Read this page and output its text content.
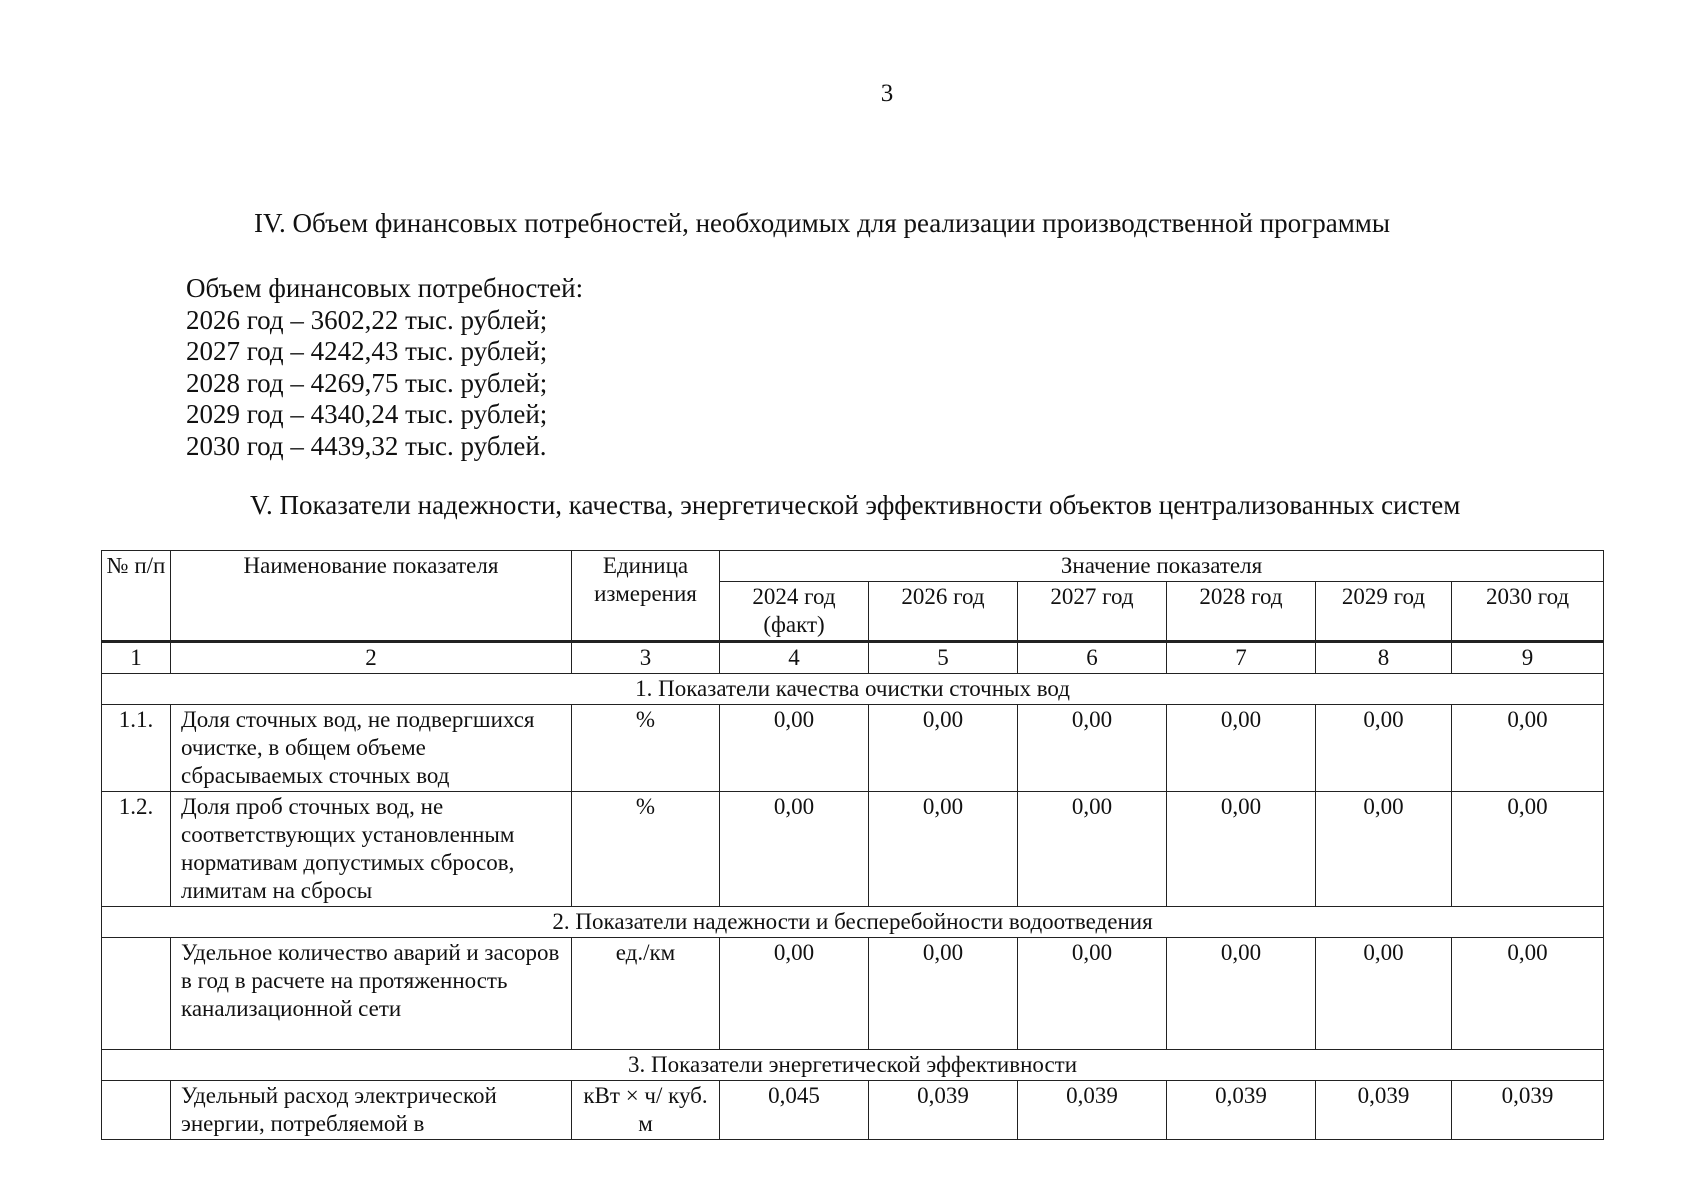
3
IV. Объем финансовых потребностей, необходимых для реализации производственной программы
Объем финансовых потребностей:
2026 год – 3602,22 тыс. рублей;
2027 год – 4242,43 тыс. рублей;
2028 год – 4269,75 тыс. рублей;
2029 год – 4340,24 тыс. рублей;
2030 год – 4439,32 тыс. рублей.
V. Показатели надежности, качества, энергетической эффективности объектов централизованных систем
№ п/п	Наименование показателя	Единица измерения	Значение показателя					
			2024 год (факт)	2026 год	2027 год	2028 год	2029 год	2030 год
1	2	3	4	5	6	7	8	9
1. Показатели качества очистки сточных вод								
1.1.	Доля сточных вод, не подвергшихся очистке, в общем объеме сбрасываемых сточных вод	%	0,00	0,00	0,00	0,00	0,00	0,00
1.2.	Доля проб сточных вод, не соответствующих установленным нормативам допустимых сбросов, лимитам на сбросы	%	0,00	0,00	0,00	0,00	0,00	0,00
2. Показатели надежности и бесперебойности водоотведения								
	Удельное количество аварий и засоров в год в расчете на протяженность канализационной сети	ед./км	0,00	0,00	0,00	0,00	0,00	0,00
3. Показатели энергетической эффективности								
	Удельный расход электрической энергии, потребляемой в	кВт × ч/ куб. м	0,045	0,039	0,039	0,039	0,039	0,039
